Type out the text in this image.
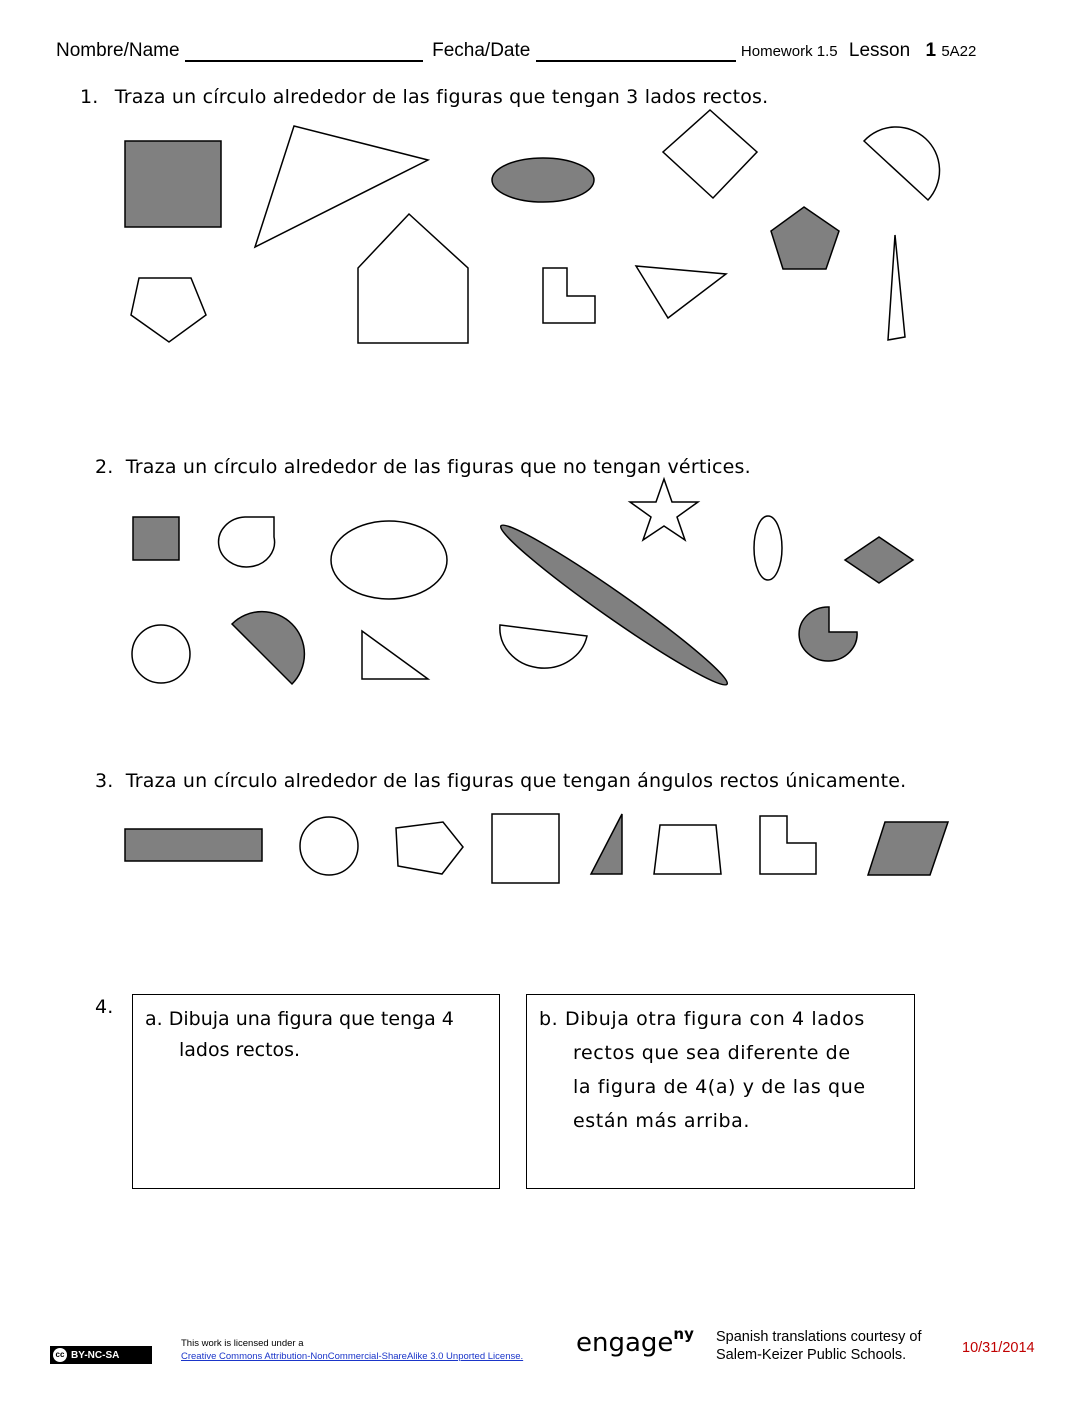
Nombre/Name	Fecha/Date	Homework 1.5 Lesson 1 5A22
1. Traza un círculo alrededor de las figuras que tengan 3 lados rectos.
2. Traza un círculo alrededor de las figuras que no tengan vértices.
3. Traza un círculo alrededor de las figuras que tengan ángulos rectos únicamente.
4.
a. Dibuja una figura que tenga 4
lados rectos.
b. Dibuja otra figura con 4 lados
rectos que sea diferente de
la figura de 4(a) y de las que
están más arriba.
cc BY-NC-SA
This work is licensed under a
Creative Commons Attribution-NonCommercial-ShareAlike 3.0 Unported License. engage$^{ny}$ Spanish translations courtesy of
Salem-Keizer Public Schools.	10/31/2014
